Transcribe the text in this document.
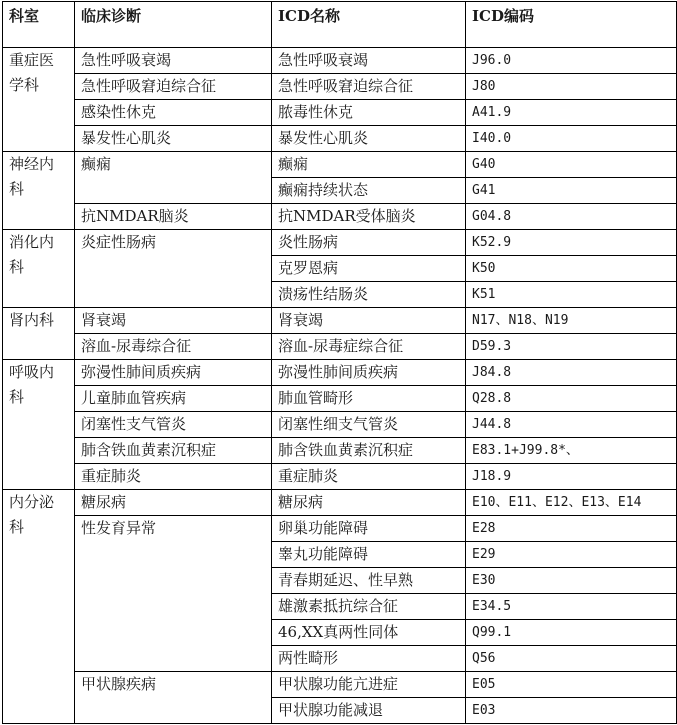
科室	临床诊断	ICD名称	ICD编码
重症医学科	急性呼吸衰竭	急性呼吸衰竭	J96.0
	急性呼吸窘迫综合征	急性呼吸窘迫综合征	J80
	感染性休克	脓毒性休克	A41.9
	暴发性心肌炎	暴发性心肌炎	I40.0
神经内科	癫痫	癫痫	G40
		癫痫持续状态	G41
	抗NMDAR脑炎	抗NMDAR受体脑炎	G04.8
消化内科	炎症性肠病	炎性肠病	K52.9
		克罗恩病	K50
		溃疡性结肠炎	K51
肾内科	肾衰竭	肾衰竭	N17、N18、N19
	溶血-尿毒综合征	溶血-尿毒症综合征	D59.3
呼吸内科	弥漫性肺间质疾病	弥漫性肺间质疾病	J84.8
	儿童肺血管疾病	肺血管畸形	Q28.8
	闭塞性支气管炎	闭塞性细支气管炎	J44.8
	肺含铁血黄素沉积症	肺含铁血黄素沉积症	E83.1+J99.8*、
	重症肺炎	重症肺炎	J18.9
内分泌科	糖尿病	糖尿病	E10、E11、E12、E13、E14
	性发育异常	卵巢功能障碍	E28
		睾丸功能障碍	E29
		青春期延迟、性早熟	E30
		雄激素抵抗综合征	E34.5
		46,XX真两性同体	Q99.1
		两性畸形	Q56
	甲状腺疾病	甲状腺功能亢进症	E05
		甲状腺功能减退	E03
